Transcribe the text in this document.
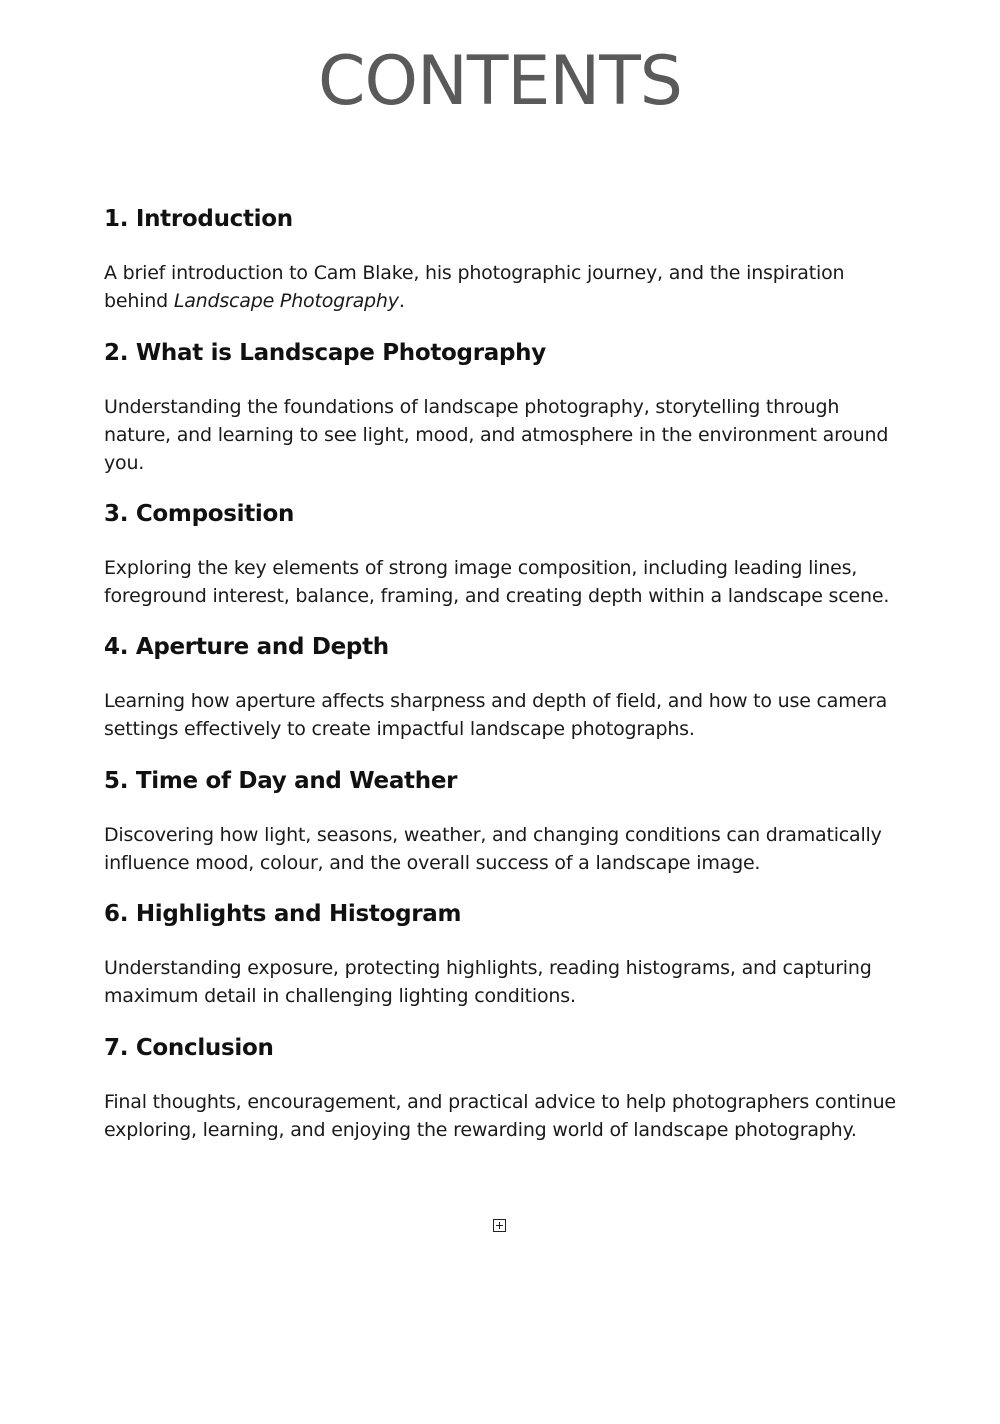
CONTENTS
1. Introduction

A brief introduction to Cam Blake, his photographic journey, and the inspiration behind Landscape Photography.

2. What is Landscape Photography

Understanding the foundations of landscape photography, storytelling through nature, and learning to see light, mood, and atmosphere in the environment around you.

3. Composition

Exploring the key elements of strong image composition, including leading lines, foreground interest, balance, framing, and creating depth within a landscape scene.

4. Aperture and Depth

Learning how aperture affects sharpness and depth of field, and how to use camera settings effectively to create impactful landscape photographs.

5. Time of Day and Weather

Discovering how light, seasons, weather, and changing conditions can dramatically influence mood, colour, and the overall success of a landscape image.

6. Highlights and Histogram

Understanding exposure, protecting highlights, reading histograms, and capturing maximum detail in challenging lighting conditions.

7. Conclusion

Final thoughts, encouragement, and practical advice to help photographers continue exploring, learning, and enjoying the rewarding world of landscape photography.
